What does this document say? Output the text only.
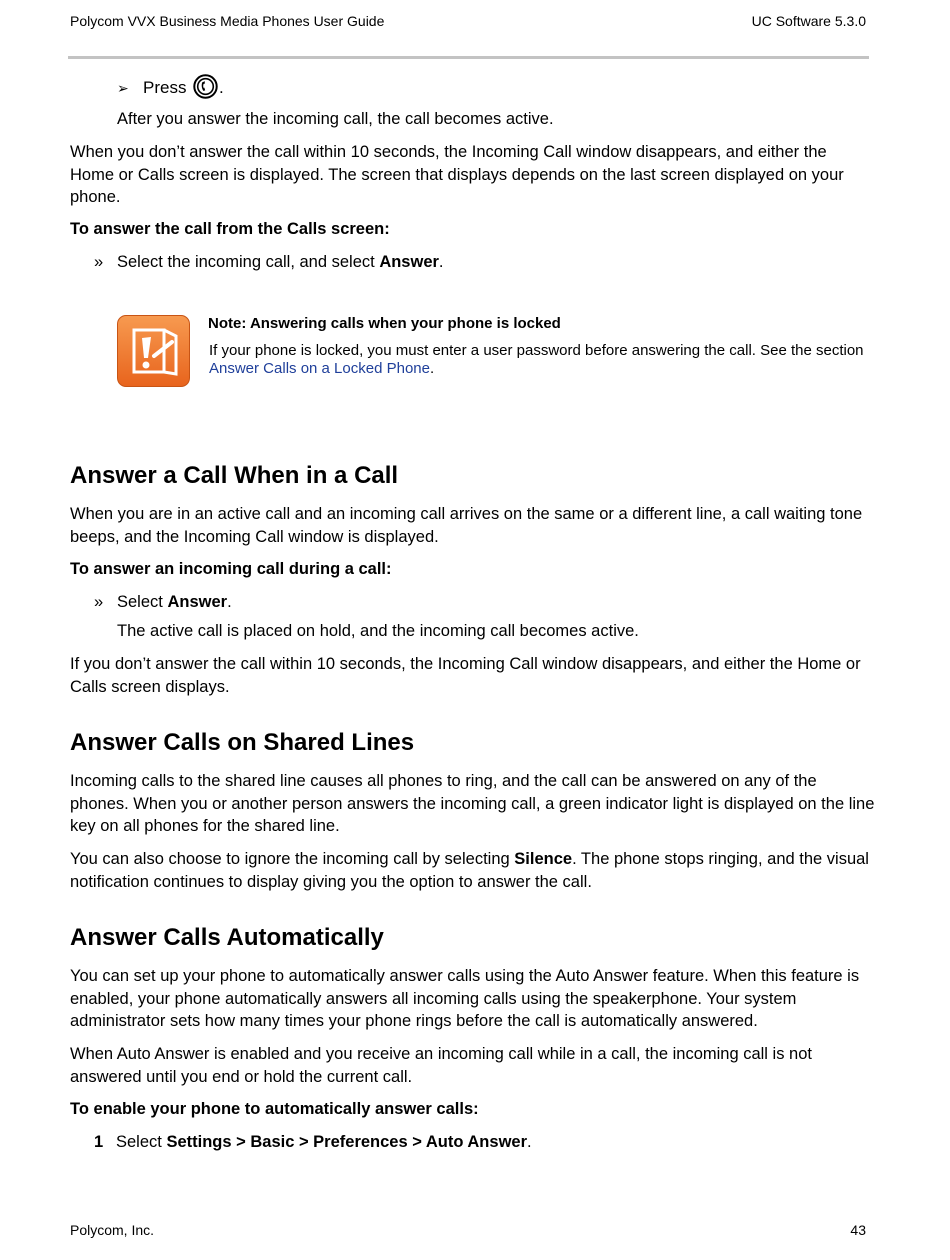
Polycom VVX Business Media Phones User Guide	UC Software 5.3.0
➢ Press .

After you answer the incoming call, the call becomes active.

When you don’t answer the call within 10 seconds, the Incoming Call window disappears, and either the Home or Calls screen is displayed. The screen that displays depends on the last screen displayed on your phone.

To answer the call from the Calls screen:

» Select the incoming call, and select Answer.

Note: Answering calls when your phone is locked
If your phone is locked, you must enter a user password before answering the call. See the section Answer Calls on a Locked Phone.
Answer a Call When in a Call

When you are in an active call and an incoming call arrives on the same or a different line, a call waiting tone beeps, and the Incoming Call window is displayed.

To answer an incoming call during a call:

» Select Answer.

The active call is placed on hold, and the incoming call becomes active.

If you don’t answer the call within 10 seconds, the Incoming Call window disappears, and either the Home or Calls screen displays.

Answer Calls on Shared Lines

Incoming calls to the shared line causes all phones to ring, and the call can be answered on any of the phones. When you or another person answers the incoming call, a green indicator light is displayed on the line key on all phones for the shared line.

You can also choose to ignore the incoming call by selecting Silence. The phone stops ringing, and the visual notification continues to display giving you the option to answer the call.

Answer Calls Automatically

You can set up your phone to automatically answer calls using the Auto Answer feature. When this feature is enabled, your phone automatically answers all incoming calls using the speakerphone. Your system administrator sets how many times your phone rings before the call is automatically answered.

When Auto Answer is enabled and you receive an incoming call while in a call, the incoming call is not answered until you end or hold the current call.

To enable your phone to automatically answer calls:

1 Select Settings > Basic > Preferences > Auto Answer.

Polycom, Inc.	43
